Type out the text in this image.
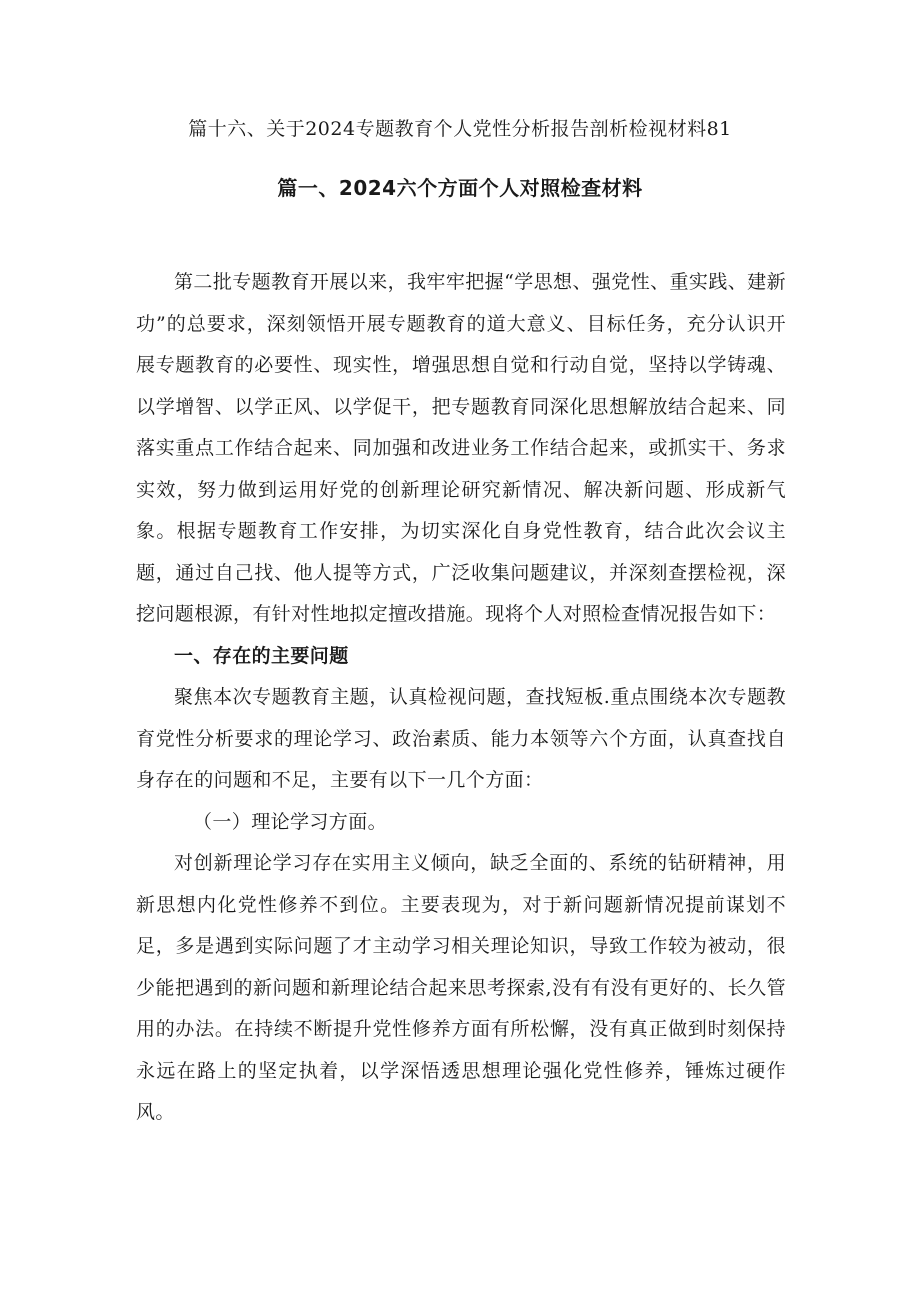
篇十六、关于2024专题教育个人党性分析报告剖析检视材料81
篇一、2024六个方面个人对照检查材料

第二批专题教育开展以来，我牢牢把握“学思想、强党性、重实践、建新功”的总要求，深刻领悟开展专题教育的道大意义、目标任务，充分认识开展专题教育的必要性、现实性，增强思想自觉和行动自觉，坚持以学铸魂、以学增智、以学正风、以学促干，把专题教育同深化思想解放结合起来、同落实重点工作结合起来、同加强和改进业务工作结合起来，或抓实干、务求实效，努力做到运用好党的创新理论研究新情况、解决新问题、形成新气象。根据专题教育工作安排，为切实深化自身党性教育，结合此次会议主题，通过自己找、他人提等方式，广泛收集问题建议，并深刻查摆检视，深挖问题根源，有针对性地拟定擅改措施。现将个人对照检查情况报告如下：

一、存在的主要问题

聚焦本次专题教育主题，认真检视问题，查找短板.重点围绕本次专题教育党性分析要求的理论学习、政治素质、能力本领等六个方面，认真查找自身存在的问题和不足，主要有以下一几个方面：

（一）理论学习方面。

对创新理论学习存在实用主义倾向，缺乏全面的、系统的钻研精神，用新思想内化党性修养不到位。主要表现为，对于新问题新情况提前谋划不足，多是遇到实际问题了才主动学习相关理论知识，导致工作较为被动，很少能把遇到的新问题和新理论结合起来思考探索,没有有没有更好的、长久管用的办法。在持续不断提升党性修养方面有所松懈，没有真正做到时刻保持永远在路上的坚定执着，以学深悟透思想理论强化党性修养，锤炼过硬作风。
